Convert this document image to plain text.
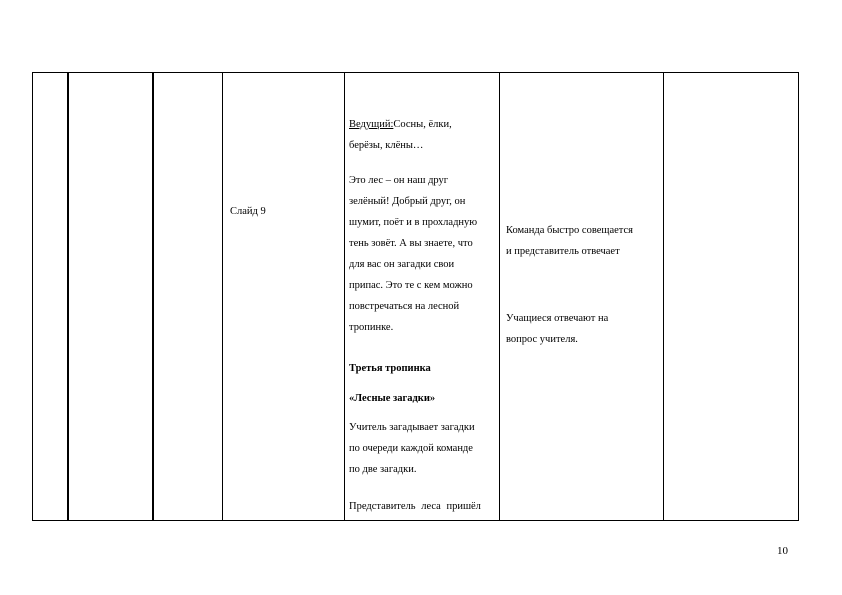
Слайд 9
Ведущий:Сосны, ёлки,
берёзы, клёны…
Это лес – он наш друг
зелёный! Добрый друг, он
шумит, поёт и в прохладную
тень зовёт. А вы знаете, что
для вас он загадки свои
припас. Это те с кем можно
повстречаться на лесной
тропинке.
Третья тропинка
«Лесные загадки»
Учитель загадывает загадки
по очереди каждой команде
по две загадки.
Представитель леса пришёл
Команда быстро совещается
и представитель отвечает
Учащиеся отвечают на
вопрос учителя.
10
